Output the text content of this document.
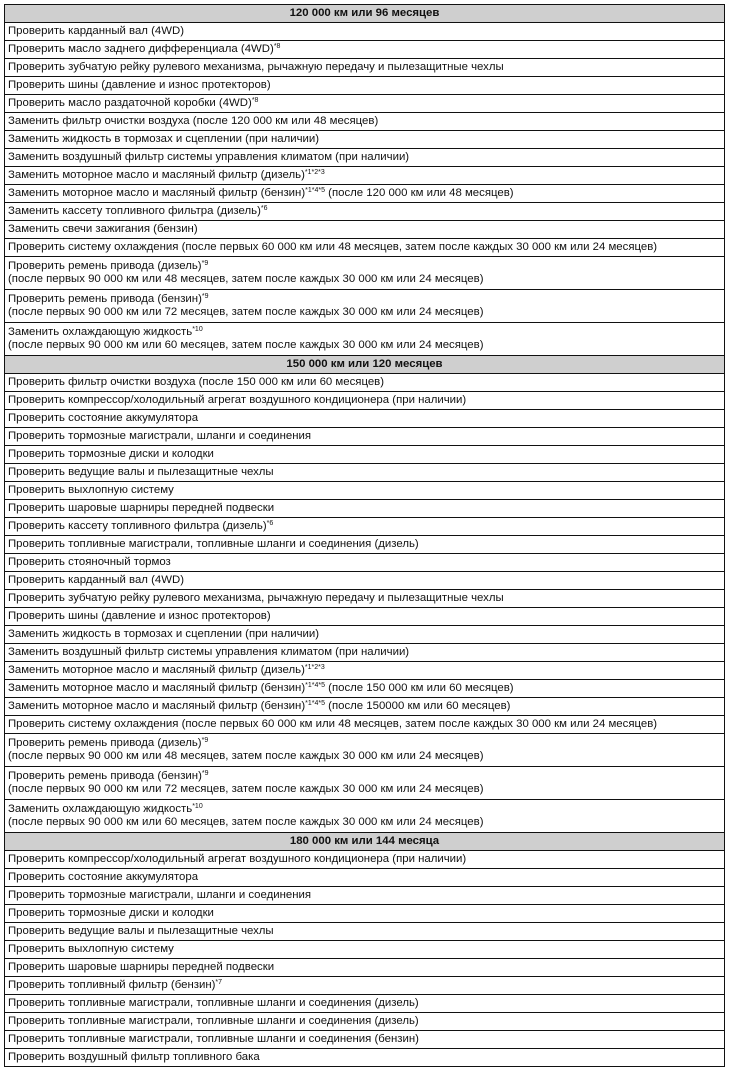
120 000 км или 96 месяцев

Проверить карданный вал (4WD)

Проверить масло заднего дифференциала $(4WD)^{*8}$

Проверить зубчатую рейку рулевого механизма, рычажную передачу и пылезащитные чехлы

Проверить шины (давление и износ протекторов)

Проверить масло раздаточной коробки $(4WD)^{*8}$

Заменить фильтр очистки воздуха (после 120 000 км или 48 месяцев)

Заменить жидкость в тормозах и сцеплении (при наличии)

Заменить воздушный фильтр системы управления климатом (при наличии)

Заменить моторное масло и масляный фильтр (дизель)$^{*1*2*3}$

Заменить моторное масло и масляный фильтр (бензин)$^{*1*4*5}$ (после 120 000 км или 48 месяцев)

Заменить кассету топливного фильтра (дизель)$^{*6}$

Заменить свечи зажигания (бензин)

Проверить систему охлаждения (после первых 60 000 км или 48 месяцев, затем после каждых 30 000 км или 24 месяцев)

Проверить ремень привода (дизель)$^{*9}$
(после первых 90 000 км или 48 месяцев, затем после каждых 30 000 км или 24 месяцев)

Проверить ремень привода (бензин)$^{*9}$
(после первых 90 000 км или 72 месяцев, затем после каждых 30 000 км или 24 месяцев)

Заменить охлаждающую жидкость$^{*10}$
(после первых 90 000 км или 60 месяцев, затем после каждых 30 000 км или 24 месяцев)

150 000 км или 120 месяцев

Проверить фильтр очистки воздуха (после 150 000 км или 60 месяцев)

Проверить компрессор/холодильный агрегат воздушного кондиционера (при наличии)

Проверить состояние аккумулятора

Проверить тормозные магистрали, шланги и соединения

Проверить тормозные диски и колодки

Проверить ведущие валы и пылезащитные чехлы

Проверить выхлопную систему

Проверить шаровые шарниры передней подвески

Проверить кассету топливного фильтра (дизель)$^{*6}$

Проверить топливные магистрали, топливные шланги и соединения (дизель)

Проверить стояночный тормоз

Проверить карданный вал (4WD)

Проверить зубчатую рейку рулевого механизма, рычажную передачу и пылезащитные чехлы

Проверить шины (давление и износ протекторов)

Заменить жидкость в тормозах и сцеплении (при наличии)

Заменить воздушный фильтр системы управления климатом (при наличии)

Заменить моторное масло и масляный фильтр (дизель)$^{*1*2*3}$

Заменить моторное масло и масляный фильтр (бензин)$^{*1*4*5}$ (после 150 000 км или 60 месяцев)

Заменить моторное масло и масляный фильтр (бензин)$^{*1*4*5}$ (после 150000 км или 60 месяцев)

Проверить систему охлаждения (после первых 60 000 км или 48 месяцев, затем после каждых 30 000 км или 24 месяцев)

Проверить ремень привода (дизель)$^{*9}$
(после первых 90 000 км или 48 месяцев, затем после каждых 30 000 км или 24 месяцев)

Проверить ремень привода (бензин)$^{*9}$
(после первых 90 000 км или 72 месяцев, затем после каждых 30 000 км или 24 месяцев)

Заменить охлаждающую жидкость$^{*10}$
(после первых 90 000 км или 60 месяцев, затем после каждых 30 000 км или 24 месяцев)

180 000 км или 144 месяца

Проверить компрессор/холодильный агрегат воздушного кондиционера (при наличии)

Проверить состояние аккумулятора

Проверить тормозные магистрали, шланги и соединения

Проверить тормозные диски и колодки

Проверить ведущие валы и пылезащитные чехлы

Проверить выхлопную систему

Проверить шаровые шарниры передней подвески

Проверить топливный фильтр (бензин)$^{*7}$

Проверить топливные магистрали, топливные шланги и соединения (дизель)

Проверить топливные магистрали, топливные шланги и соединения (дизель)

Проверить топливные магистрали, топливные шланги и соединения (бензин)

Проверить воздушный фильтр топливного бака
